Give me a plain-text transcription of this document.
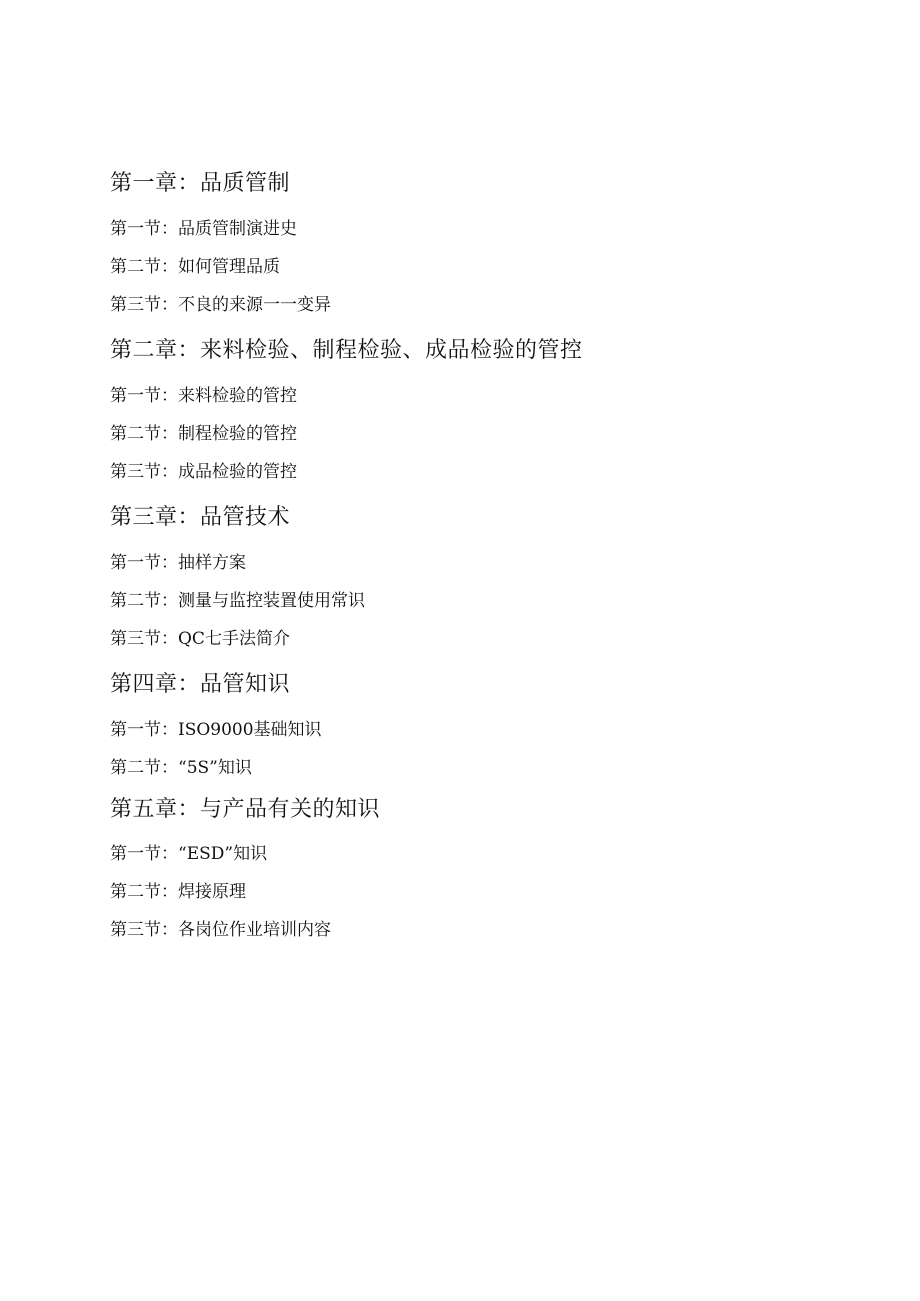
第一章：品质管制
第一节：品质管制演进史
第二节：如何管理品质
第三节：不良的来源一一变异
第二章：来料检验、制程检验、成品检验的管控
第一节：来料检验的管控
第二节：制程检验的管控
第三节：成品检验的管控
第三章：品管技术
第一节：抽样方案
第二节：测量与监控装置使用常识
第三节：QC七手法简介
第四章：品管知识
第一节：ISO9000基础知识
第二节：“5S”知识
第五章：与产品有关的知识
第一节：“ESD”知识
第二节：焊接原理
第三节：各岗位作业培训内容
